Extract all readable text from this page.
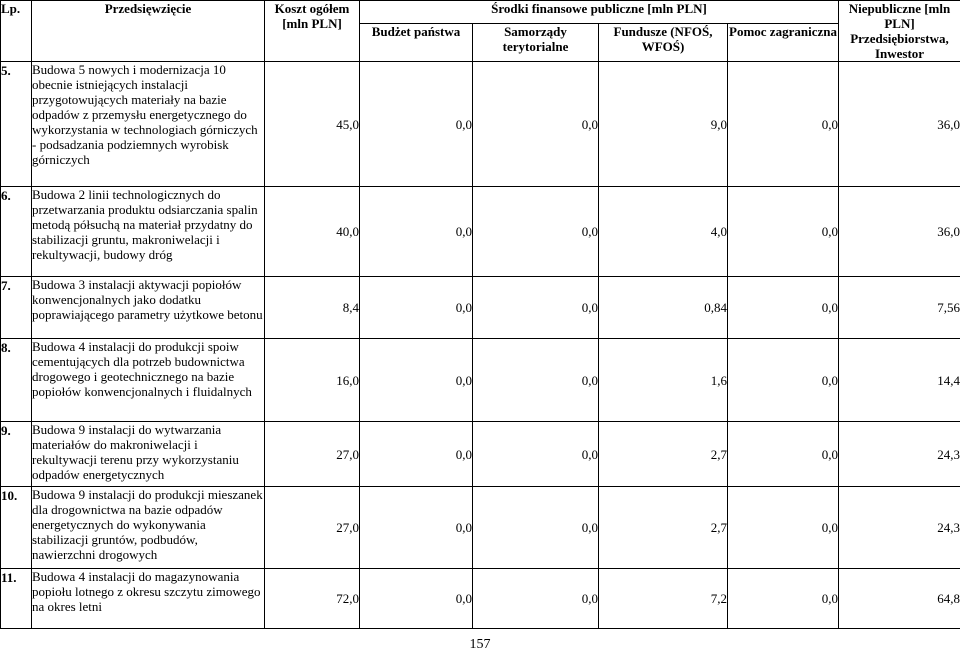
Lp.	Przedsięwzięcie	Koszt ogółem [mln PLN]	Środki finansowe publiczne [mln PLN]				Niepubliczne [mln PLN]
Przedsiębiorstwa, Inwestor
			Budżet państwa	Samorządy terytorialne	Fundusze (NFOŚ, WFOŚ)	Pomoc zagraniczna	
5.	Budowa 5 nowych i modernizacja 10 obecnie istniejących instalacji przygotowujących materiały na bazie odpadów z przemysłu energetycznego do wykorzystania w technologiach górniczych - podsadzania podziemnych wyrobisk górniczych	45,0	0,0	0,0	9,0	0,0	36,0
6.	Budowa 2 linii technologicznych do przetwarzania produktu odsiarczania spalin metodą półsuchą na materiał przydatny do stabilizacji gruntu, makroniwelacji i rekultywacji, budowy dróg	40,0	0,0	0,0	4,0	0,0	36,0
7.	Budowa 3 instalacji aktywacji popiołów konwencjonalnych jako dodatku poprawiającego parametry użytkowe betonu	8,4	0,0	0,0	0,84	0,0	7,56
8.	Budowa 4 instalacji do produkcji spoiw cementujących dla potrzeb budownictwa drogowego i geotechnicznego na bazie popiołów konwencjonalnych i fluidalnych	16,0	0,0	0,0	1,6	0,0	14,4
9.	Budowa 9 instalacji do wytwarzania materiałów do makroniwelacji i rekultywacji terenu przy wykorzystaniu odpadów energetycznych	27,0	0,0	0,0	2,7	0,0	24,3
10.	Budowa 9 instalacji do produkcji mieszanek dla drogownictwa na bazie odpadów energetycznych do wykonywania stabilizacji gruntów, podbudów, nawierzchni drogowych	27,0	0,0	0,0	2,7	0,0	24,3
11.	Budowa 4 instalacji do magazynowania popiołu lotnego z okresu szczytu zimowego na okres letni	72,0	0,0	0,0	7,2	0,0	64,8
157
